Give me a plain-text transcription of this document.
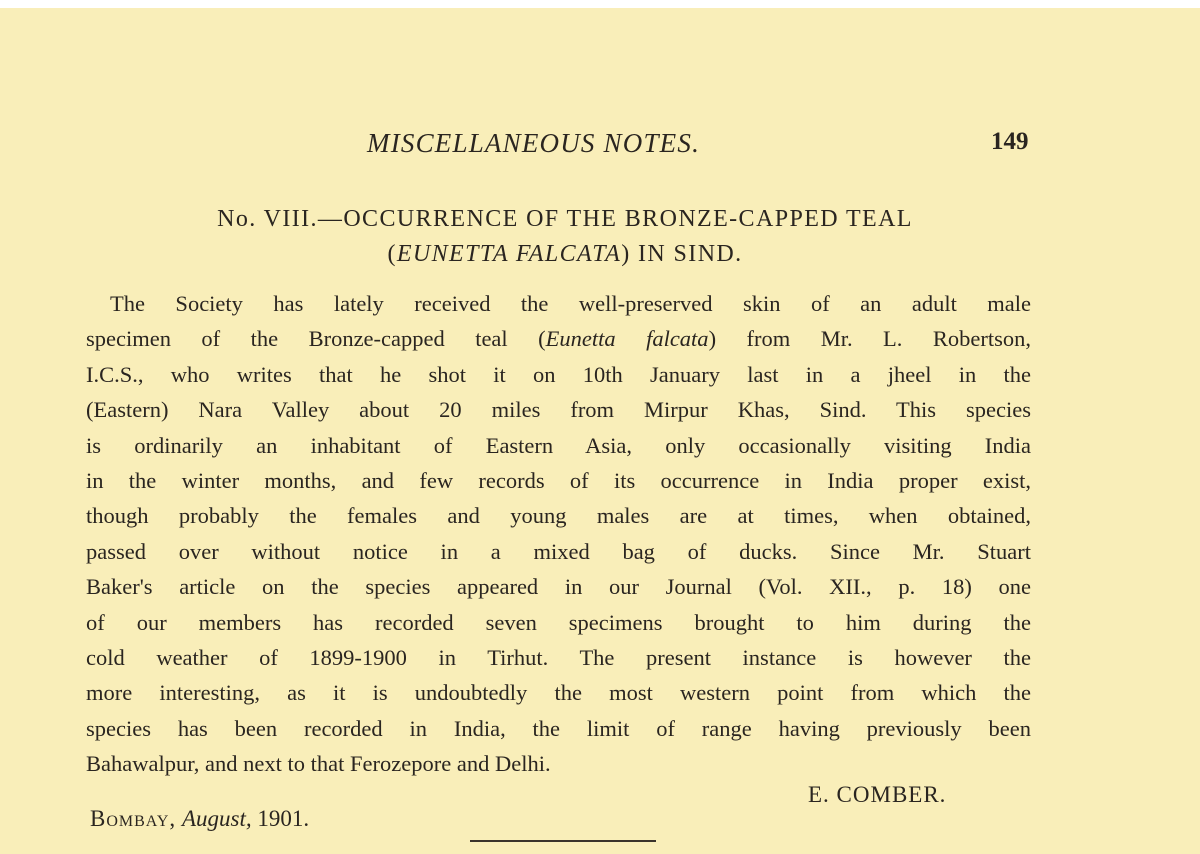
MISCELLANEOUS NOTES.	149
No. VIII.—OCCURRENCE OF THE BRONZE-CAPPED TEAL
(EUNETTA FALCATA) IN SIND.
The Society has lately received the well-preserved skin of an adult male
specimen of the Bronze-capped teal (Eunetta falcata) from Mr. L. Robertson,
I.C.S., who writes that he shot it on 10th January last in a jheel in the
(Eastern) Nara Valley about 20 miles from Mirpur Khas, Sind. This species
is ordinarily an inhabitant of Eastern Asia, only occasionally visiting India
in the winter months, and few records of its occurrence in India proper exist,
though probably the females and young males are at times, when obtained,
passed over without notice in a mixed bag of ducks. Since Mr. Stuart
Baker's article on the species appeared in our Journal (Vol. XII., p. 18) one
of our members has recorded seven specimens brought to him during the
cold weather of 1899-1900 in Tirhut. The present instance is however the
more interesting, as it is undoubtedly the most western point from which the
species has been recorded in India, the limit of range having previously been
Bahawalpur, and next to that Ferozepore and Delhi.
E. COMBER.
Bombay, August, 1901.
